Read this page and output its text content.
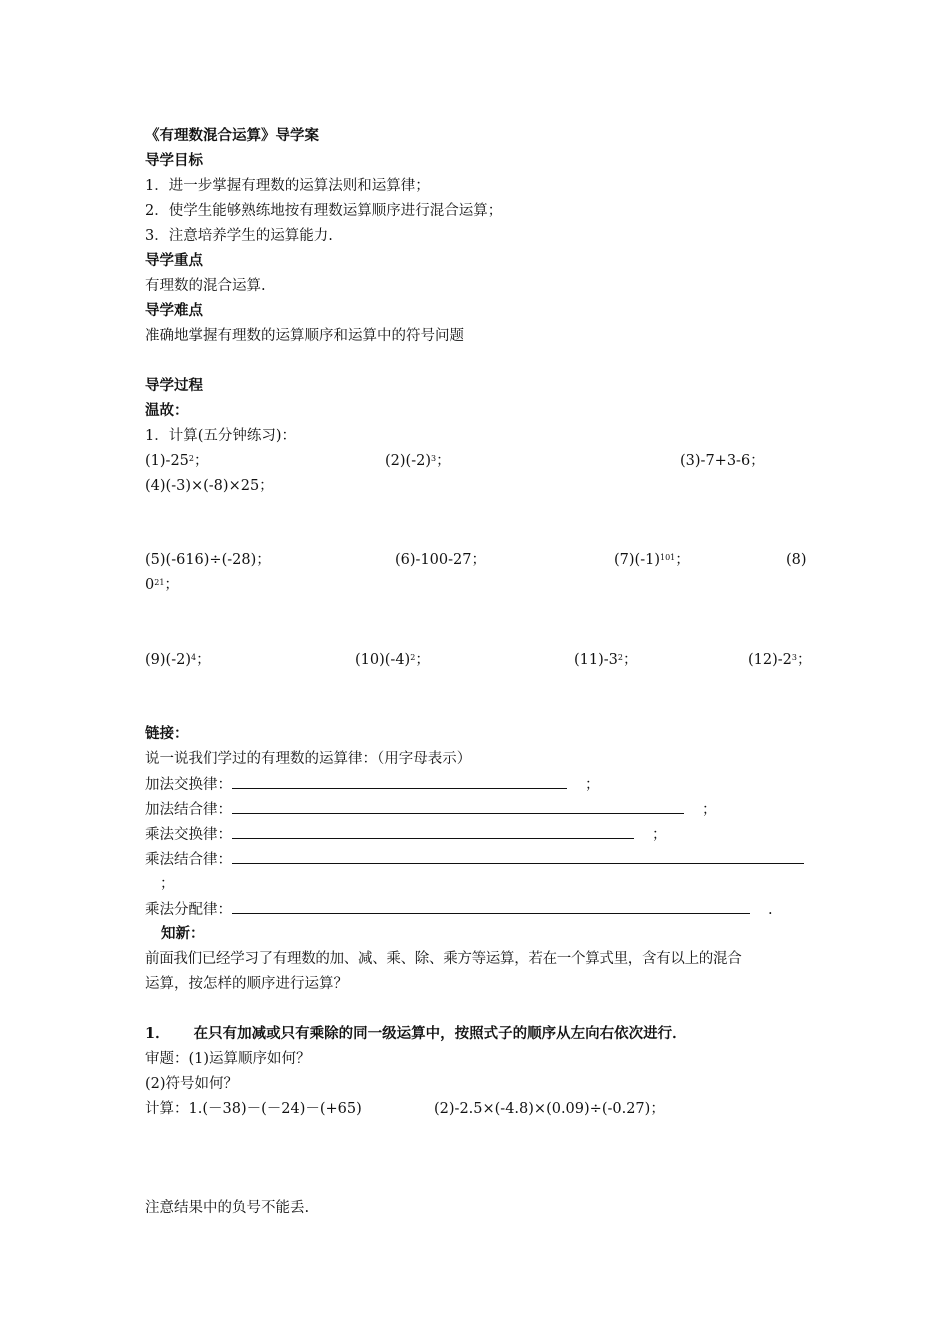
《有理数混合运算》导学案
导学目标
1．进一步掌握有理数的运算法则和运算律；
2．使学生能够熟练地按有理数运算顺序进行混合运算；
3．注意培养学生的运算能力.
导学重点
有理数的混合运算.
导学难点
准确地掌握有理数的运算顺序和运算中的符号问题
导学过程
温故：
1．计算(五分钟练习)：
$(1)-25^2$；	$(2)(-2)^3$；	(3)-7+3-6；
(4)(-3)×(-8)×25；
(5)(-616)÷(-28)；	(6)-100-27；	$(7)(-1)^{101}$；	(8)
$0^{21}$；
$(9)(-2)^4$；	$(10)(-4)^2$；	$(11)-3^2$；	$(12)-2^3$；
链接：
说一说我们学过的有理数的运算律：（用字母表示）
加法交换律：	；
加法结合律：	；
乘法交换律：	；
乘法结合律：
；
乘法分配律：	.
知新：
前面我们已经学习了有理数的加、减、乘、除、乘方等运算，若在一个算式里，含有以上的混合
运算，按怎样的顺序进行运算？
1． 在只有加减或只有乘除的同一级运算中，按照式子的顺序从左向右依次进行．
审题：(1)运算顺序如何？
(2)符号如何？
计算：1.(－38)－(－24)－(+65)	(2)-2.5×(-4.8)×(0.09)÷(-0.27)；
注意结果中的负号不能丢.
